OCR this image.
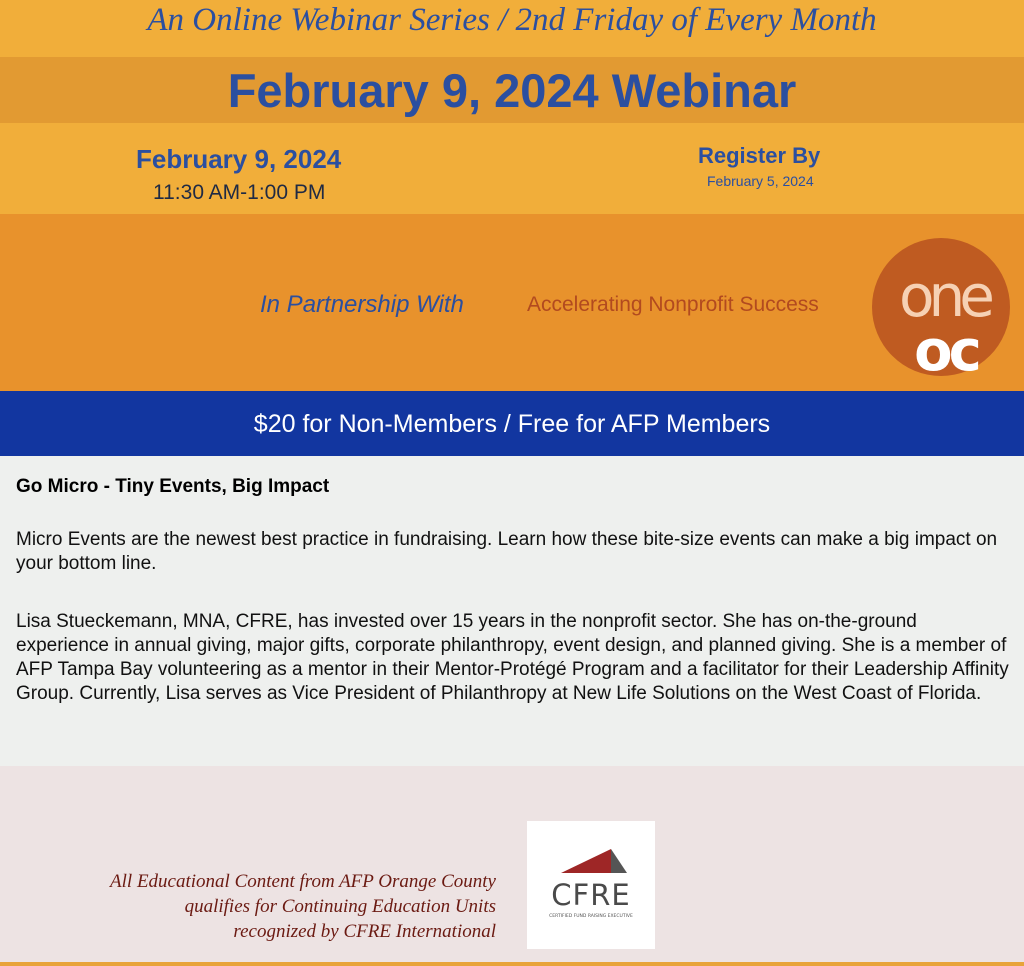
An Online Webinar Series / 2nd Friday of Every Month
February 9, 2024 Webinar
February 9, 2024
11:30 AM-1:00 PM
Register By
February 5, 2024
In Partnership With	Accelerating Nonprofit Success one
oc
$20 for Non-Members / Free for AFP Members
Go Micro - Tiny Events, Big Impact
Micro Events are the newest best practice in fundraising. Learn how these bite-size events can make a big impact on your bottom line.
Lisa Stueckemann, MNA, CFRE, has invested over 15 years in the nonprofit sector. She has on-the-ground experience in annual giving, major gifts, corporate philanthropy, event design, and planned giving. She is a member of AFP Tampa Bay volunteering as a mentor in their Mentor-Protégé Program and a facilitator for their Leadership Affinity Group. Currently, Lisa serves as Vice President of Philanthropy at New Life Solutions on the West Coast of Florida.
All Educational Content from AFP Orange County
qualifies for Continuing Education Units
recognized by CFRE International
CFRE
CERTIFIED FUND RAISING EXECUTIVE
